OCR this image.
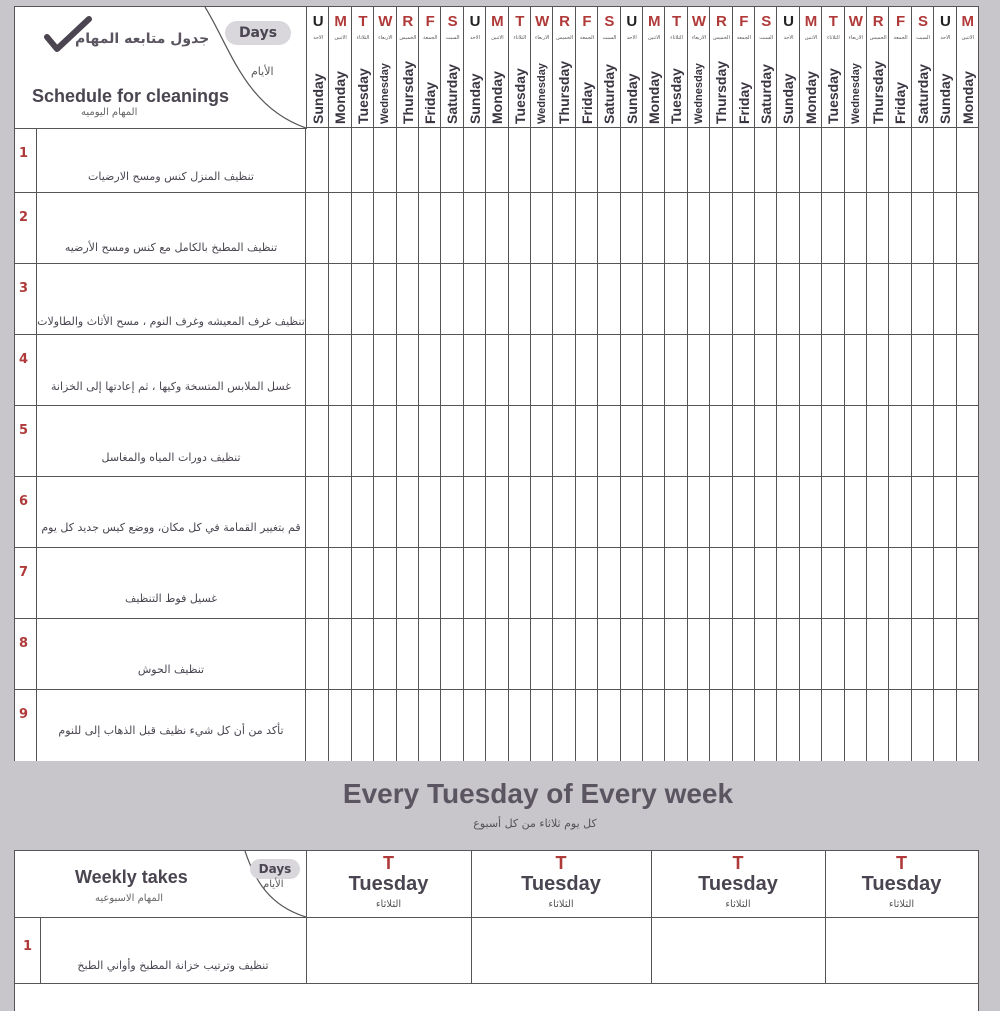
جدول متابعه المهام	Days
الأيام
Schedule for cleanings
المهام اليوميه
U
الأحد
Sunday
M
الاثنين
Monday
T
الثلاثاء
Tuesday
W
الأربعاء
Wednesday
R
الخميس
Thursday
F
الجمعة
Friday
S
السبت
Saturday
U
الأحد
Sunday
M
الاثنين
Monday
T
الثلاثاء
Tuesday
W
الأربعاء
Wednesday
R
الخميس
Thursday
F
الجمعة
Friday
S
السبت
Saturday
U
الأحد
Sunday
M
الاثنين
Monday
T
الثلاثاء
Tuesday
W
الأربعاء
Wednesday
R
الخميس
Thursday
F
الجمعة
Friday
S
السبت
Saturday
U
الأحد
Sunday
M
الاثنين
Monday
T
الثلاثاء
Tuesday
W
الأربعاء
Wednesday
R
الخميس
Thursday
F
الجمعة
Friday
S
السبت
Saturday
U
الأحد
Sunday
M
الاثنين
Monday
1
تنظيف المنزل كنس ومسح الارضيات
2
تنظيف المطبخ بالكامل مع كنس ومسح الأرضيه
3
تنظيف غرف المعيشه وغرف النوم ، مسح الأثاث والطاولات
4
غسل الملابس المتسخة وكيها ، ثم إعادتها إلى الخزانة
5
تنظيف دورات المياه والمغاسل
6
قم بتغيير القمامة في كل مكان، ووضع كيس جديد كل يوم
7
غسيل فوط التنظيف
8
تنظيف الحوش
9
تأكد من أن كل شيء نظيف قبل الذهاب إلى للنوم
Every Tuesday of Every week
كل يوم ثلاثاء من كل أسبوع
Weekly takes
المهام الاسبوعيه
Days
الأيام
T
Tuesday
الثلاثاء
T
Tuesday
الثلاثاء
T
Tuesday
الثلاثاء
T
Tuesday
الثلاثاء
1
تنظيف وترتيب خزانة المطبخ وأواني الطبخ
